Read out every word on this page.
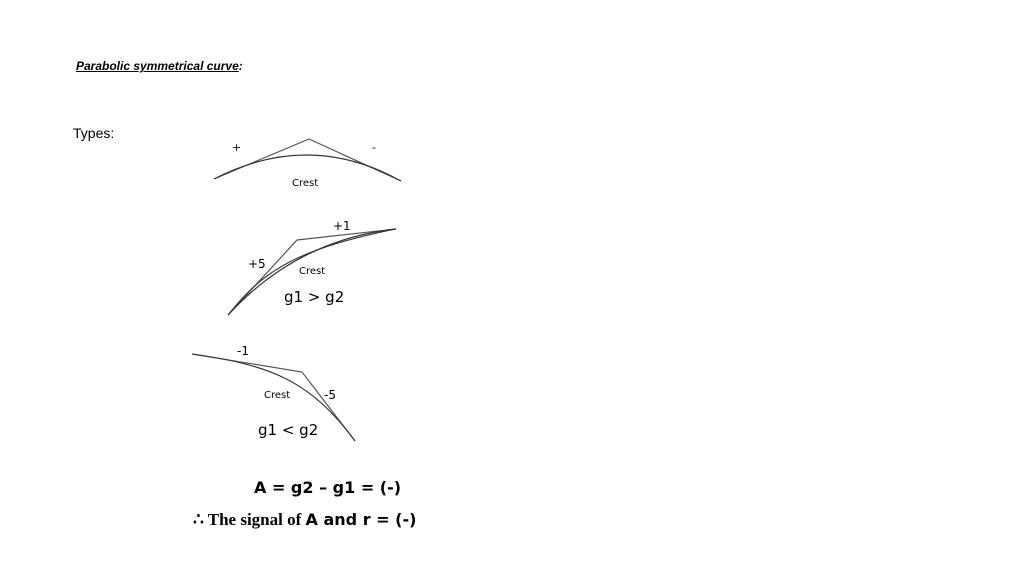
Parabolic symmetrical curve:
Types:
+	-
Crest
+1
+5
Crest
g1 > g2
-1
-5
Crest
g1 < g2
A = g2 – g1 = (-)
∴ The signal of A and r = (-)
